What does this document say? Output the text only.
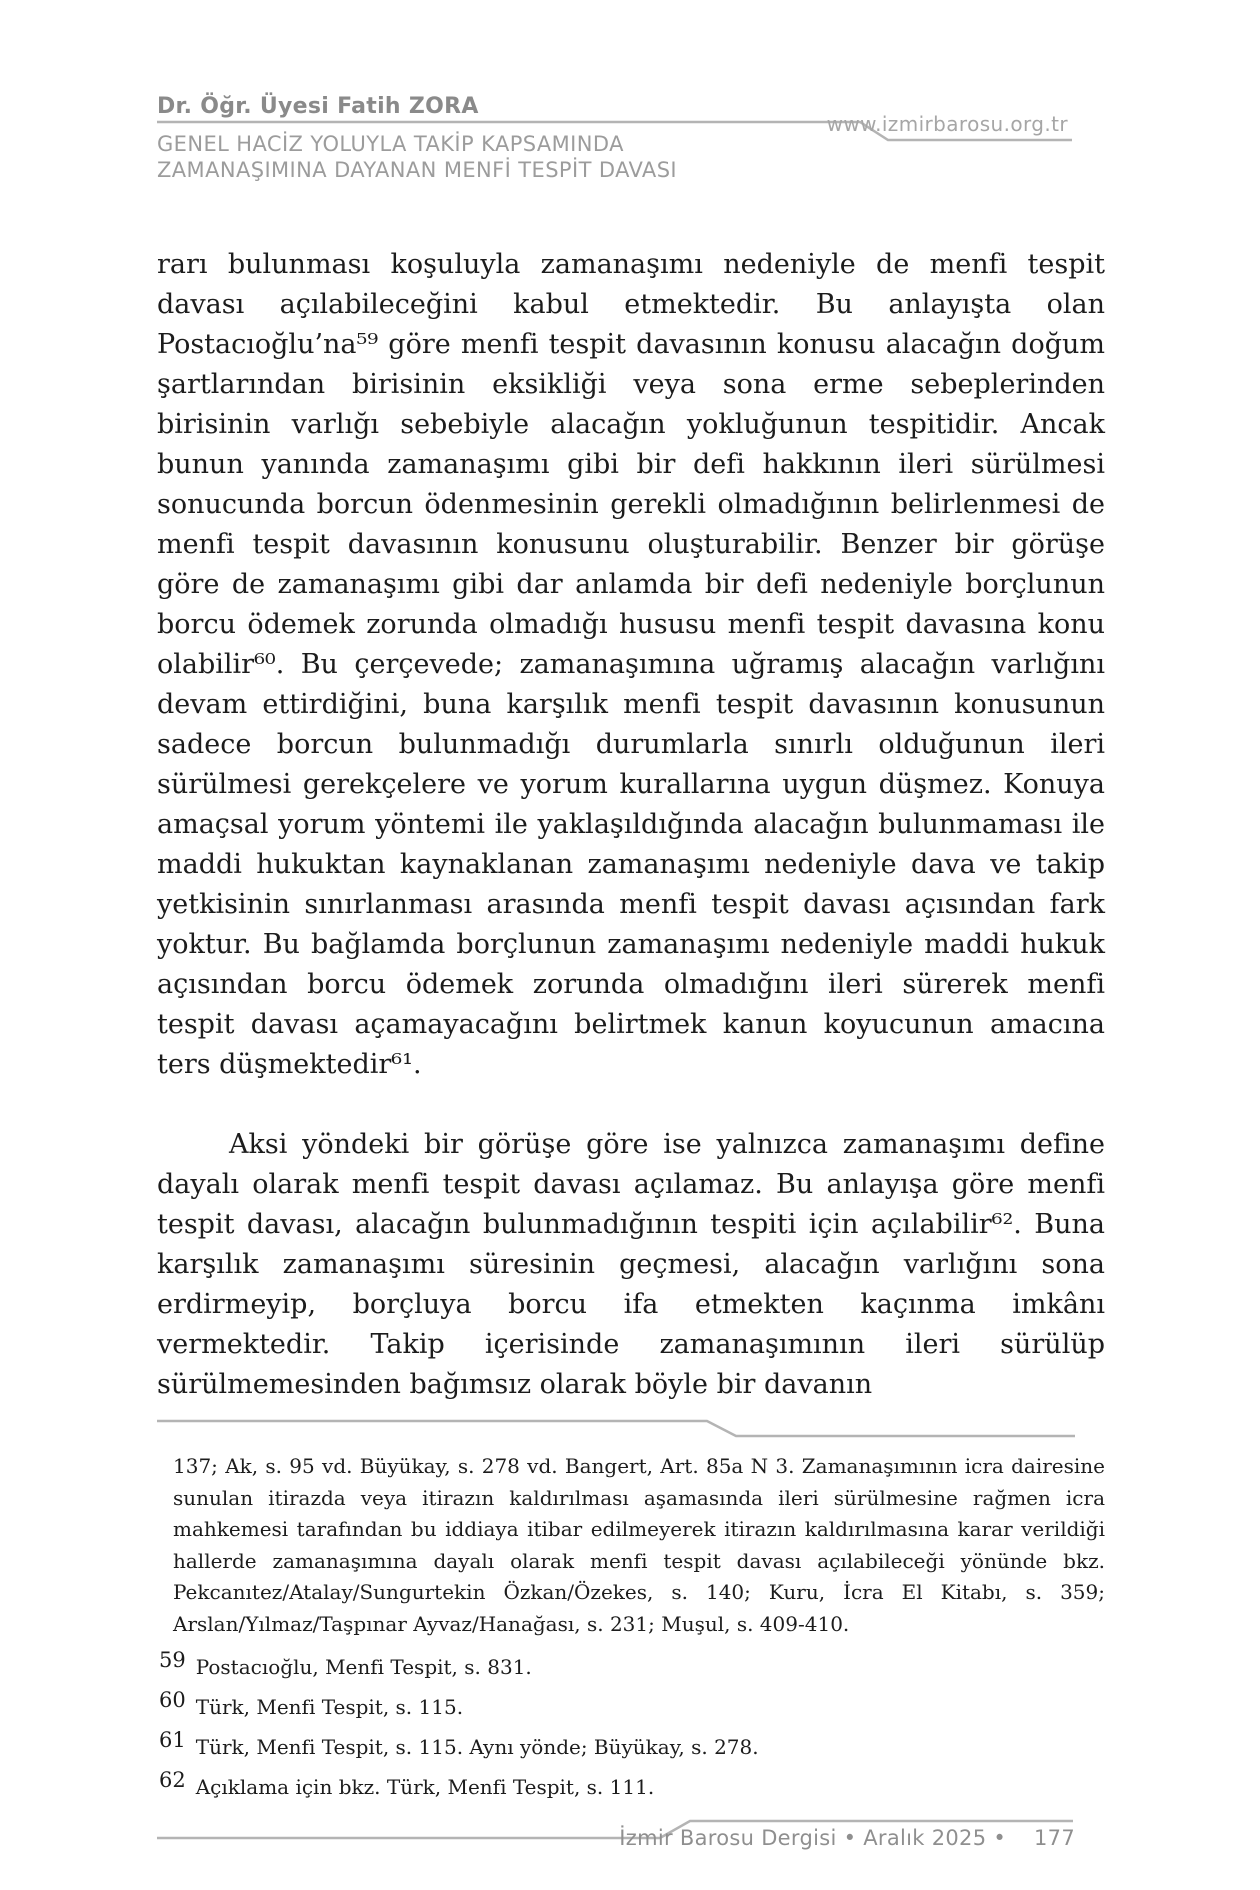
Dr. Öğr. Üyesi Fatih ZORA
www.izmirbarosu.org.tr
GENEL HACİZ YOLUYLA TAKİP KAPSAMINDA
ZAMANAŞIMINA DAYANAN MENFİ TESPİT DAVASI

rarı bulunması koşuluyla zamanaşımı nedeniyle de menfi tespit davası açılabileceğini kabul etmektedir. Bu anlayışta olan Postacıoğlu’na⁵⁹ göre menfi tespit davasının konusu alacağın doğum şartlarından birisinin eksikliği veya sona erme sebeplerinden birisinin varlığı sebebiyle alacağın yokluğunun tespitidir. Ancak bunun yanında zamanaşımı gibi bir defi hakkının ileri sürülmesi sonucunda borcun ödenmesinin gerekli olmadığının belirlenmesi de menfi tespit davasının konusunu oluşturabilir. Benzer bir görüşe göre de zamanaşımı gibi dar anlamda bir defi nedeniyle borçlunun borcu ödemek zorunda olmadığı hususu menfi tespit davasına konu olabilir⁶⁰. Bu çerçevede; zamanaşımına uğramış alacağın varlığını devam ettirdiğini, buna karşılık menfi tespit davasının konusunun sadece borcun bulunmadığı durumlarla sınırlı olduğunun ileri sürülmesi gerekçelere ve yorum kurallarına uygun düşmez. Konuya amaçsal yorum yöntemi ile yaklaşıldığında alacağın bulunmaması ile maddi hukuktan kaynaklanan zamanaşımı nedeniyle dava ve takip yetkisinin sınırlanması arasında menfi tespit davası açısından fark yoktur. Bu bağlamda borçlunun zamanaşımı nedeniyle maddi hukuk açısından borcu ödemek zorunda olmadığını ileri sürerek menfi tespit davası açamayacağını belirtmek kanun koyucunun amacına ters düşmektedir⁶¹.

Aksi yöndeki bir görüşe göre ise yalnızca zamanaşımı define dayalı olarak menfi tespit davası açılamaz. Bu anlayışa göre menfi tespit davası, alacağın bulunmadığının tespiti için açılabilir⁶². Buna karşılık zamanaşımı süresinin geçmesi, alacağın varlığını sona erdirmeyip, borçluya borcu ifa etmekten kaçınma imkânı vermektedir. Takip içerisinde zamanaşımının ileri sürülüp sürülmemesinden bağımsız olarak böyle bir davanın

137; Ak, s. 95 vd. Büyükay, s. 278 vd. Bangert, Art. 85a N 3. Zamanaşımının icra dairesine sunulan itirazda veya itirazın kaldırılması aşamasında ileri sürülmesine rağmen icra mahkemesi tarafından bu iddiaya itibar edilmeyerek itirazın kaldırılmasına karar verildiği hallerde zamanaşımına dayalı olarak menfi tespit davası açılabileceği yönünde bkz. Pekcanıtez/Atalay/Sungurtekin Özkan/Özekes, s. 140; Kuru, İcra El Kitabı, s. 359; Arslan/Yılmaz/Taşpınar Ayvaz/Hanağası, s. 231; Muşul, s. 409-410.

59 Postacıoğlu, Menfi Tespit, s. 831.
60 Türk, Menfi Tespit, s. 115.
61 Türk, Menfi Tespit, s. 115. Aynı yönde; Büyükay, s. 278.
62 Açıklama için bkz. Türk, Menfi Tespit, s. 111.
İzmir Barosu Dergisi • Aralık 2025 • 177
